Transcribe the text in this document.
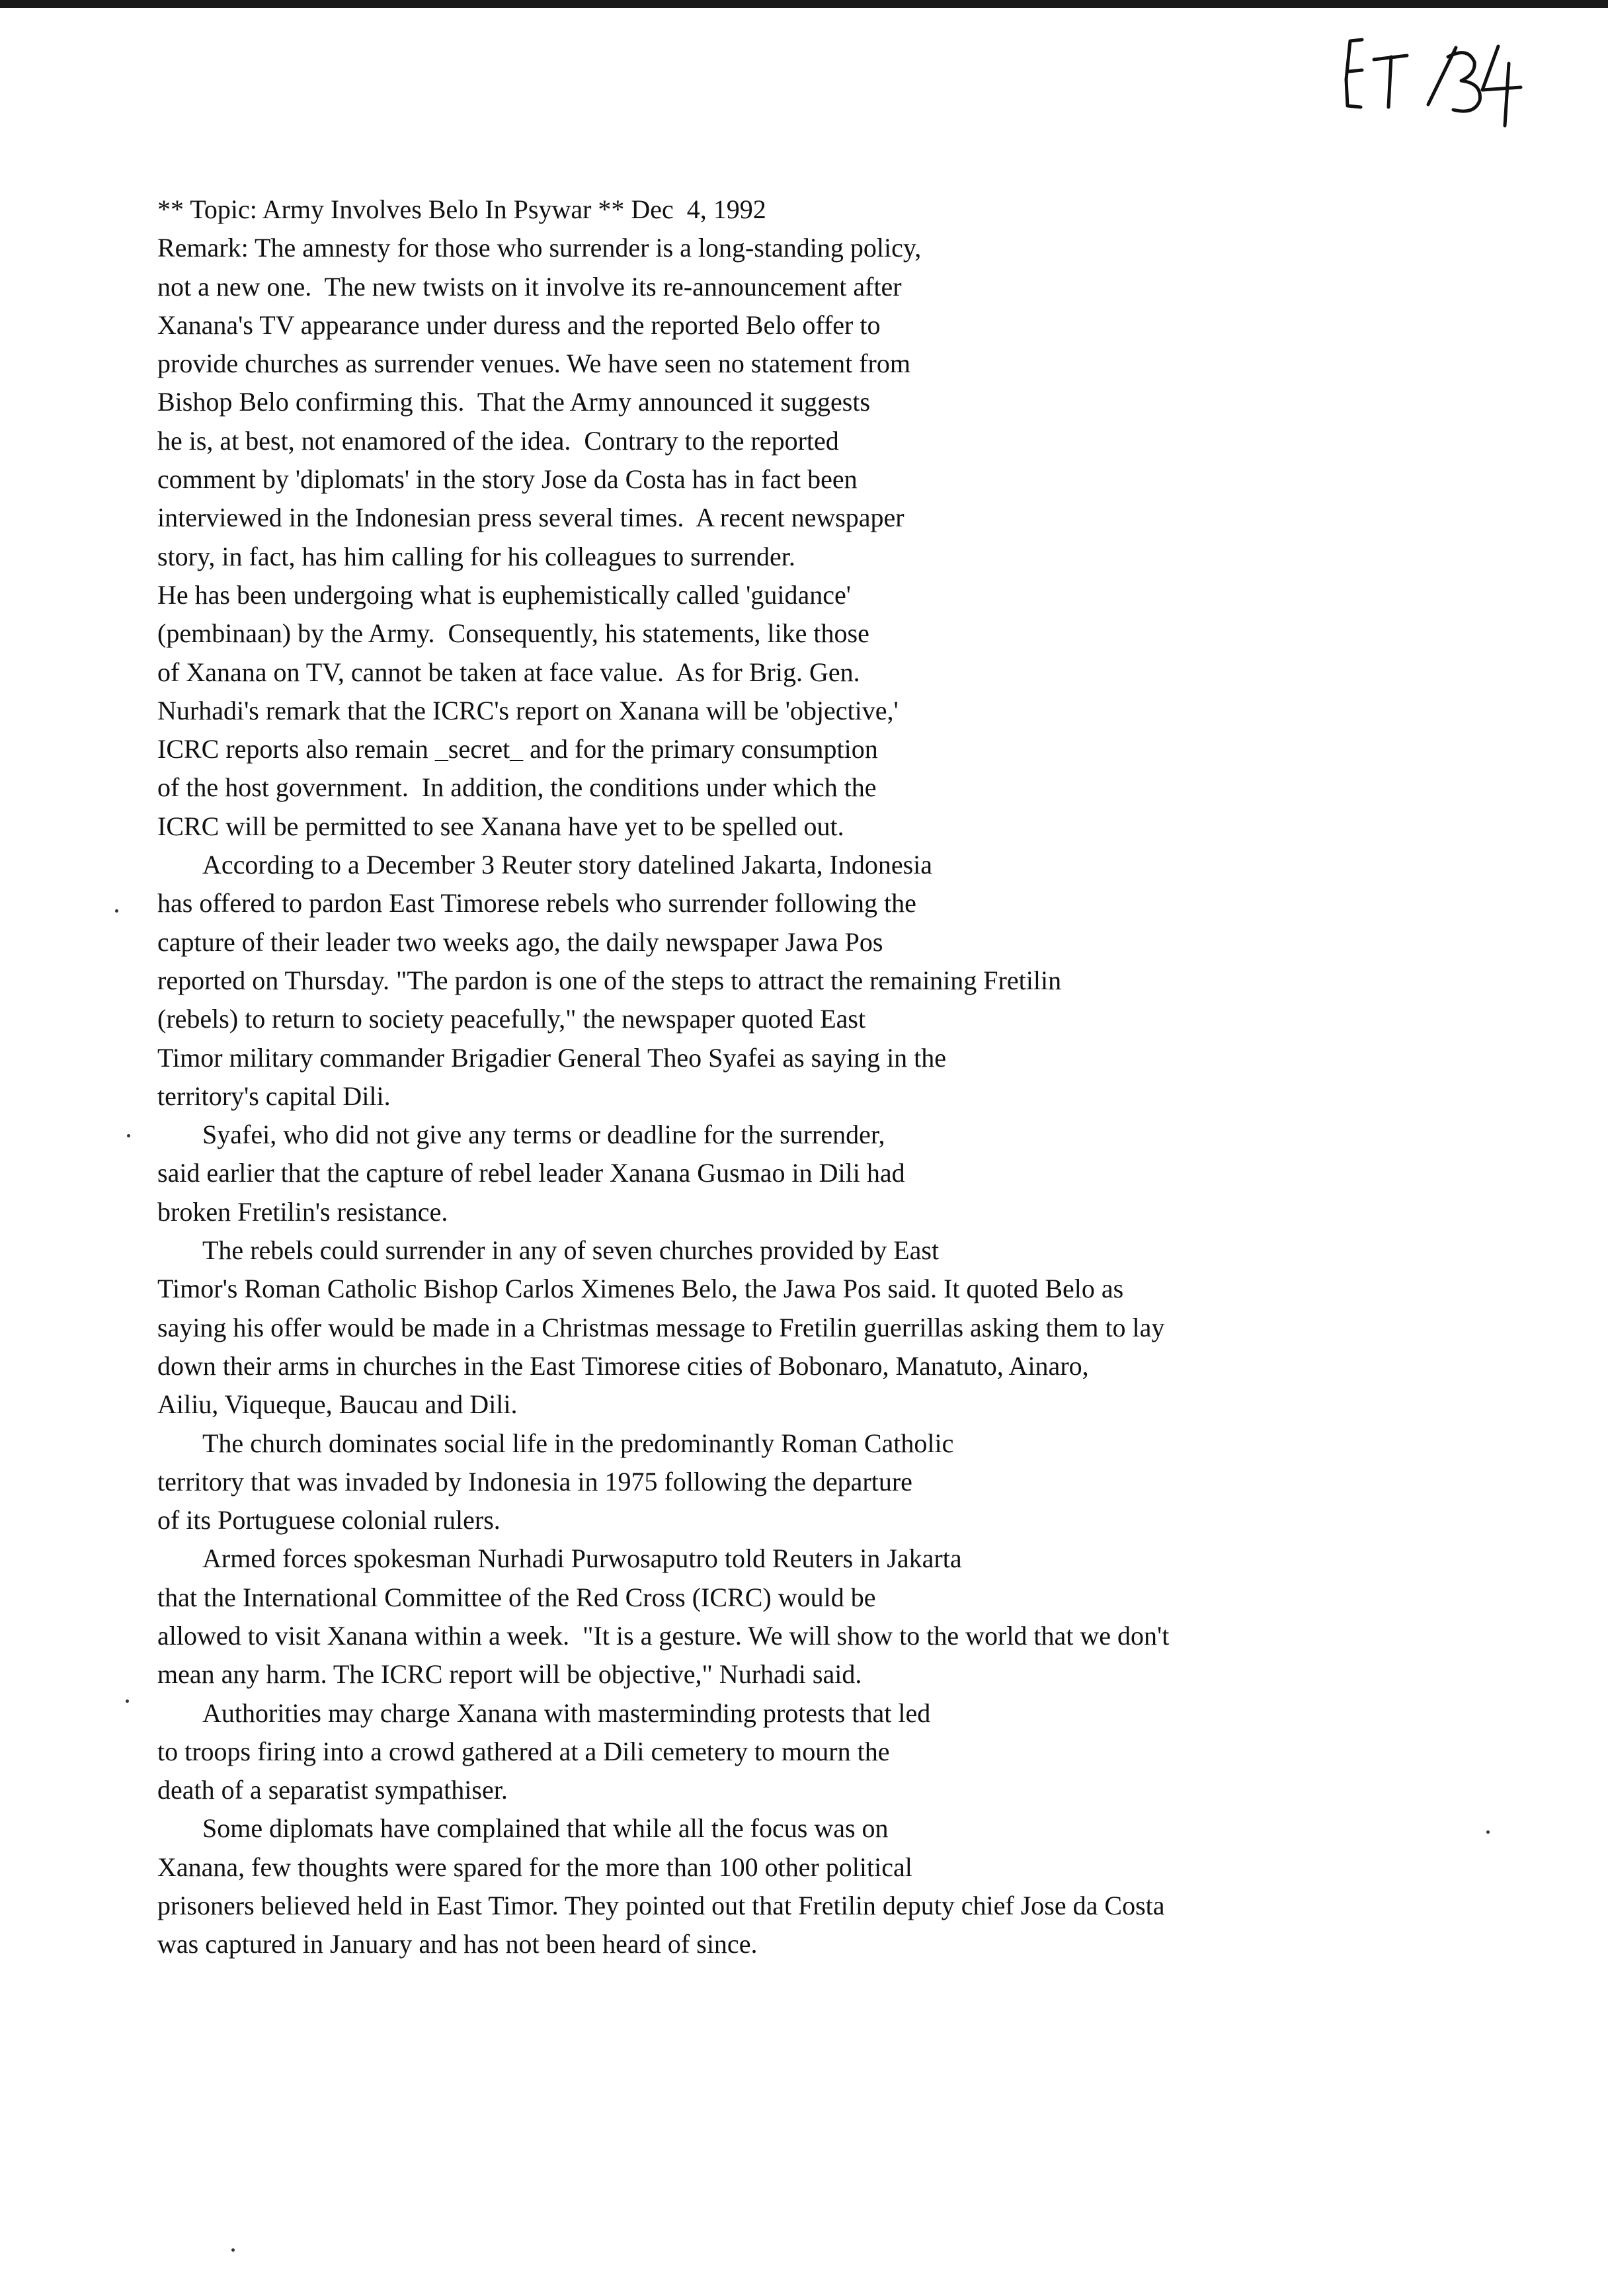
** Topic: Army Involves Belo In Psywar ** Dec  4, 1992
Remark: The amnesty for those who surrender is a long-standing policy,
not a new one.  The new twists on it involve its re-announcement after
Xanana's TV appearance under duress and the reported Belo offer to
provide churches as surrender venues. We have seen no statement from
Bishop Belo confirming this.  That the Army announced it suggests
he is, at best, not enamored of the idea.  Contrary to the reported
comment by 'diplomats' in the story Jose da Costa has in fact been
interviewed in the Indonesian press several times.  A recent newspaper
story, in fact, has him calling for his colleagues to surrender.
He has been undergoing what is euphemistically called 'guidance'
(pembinaan) by the Army.  Consequently, his statements, like those
of Xanana on TV, cannot be taken at face value.  As for Brig. Gen.
Nurhadi's remark that the ICRC's report on Xanana will be 'objective,'
ICRC reports also remain _secret_ and for the primary consumption
of the host government.  In addition, the conditions under which the
ICRC will be permitted to see Xanana have yet to be spelled out.
According to a December 3 Reuter story datelined Jakarta, Indonesia
has offered to pardon East Timorese rebels who surrender following the
capture of their leader two weeks ago, the daily newspaper Jawa Pos
reported on Thursday. "The pardon is one of the steps to attract the remaining Fretilin
(rebels) to return to society peacefully," the newspaper quoted East
Timor military commander Brigadier General Theo Syafei as saying in the
territory's capital Dili.
Syafei, who did not give any terms or deadline for the surrender,
said earlier that the capture of rebel leader Xanana Gusmao in Dili had
broken Fretilin's resistance.
The rebels could surrender in any of seven churches provided by East
Timor's Roman Catholic Bishop Carlos Ximenes Belo, the Jawa Pos said. It quoted Belo as
saying his offer would be made in a Christmas message to Fretilin guerrillas asking them to lay
down their arms in churches in the East Timorese cities of Bobonaro, Manatuto, Ainaro,
Ailiu, Viqueque, Baucau and Dili.
The church dominates social life in the predominantly Roman Catholic
territory that was invaded by Indonesia in 1975 following the departure
of its Portuguese colonial rulers.
Armed forces spokesman Nurhadi Purwosaputro told Reuters in Jakarta
that the International Committee of the Red Cross (ICRC) would be
allowed to visit Xanana within a week.  "It is a gesture. We will show to the world that we don't
mean any harm. The ICRC report will be objective," Nurhadi said.
Authorities may charge Xanana with masterminding protests that led
to troops firing into a crowd gathered at a Dili cemetery to mourn the
death of a separatist sympathiser.
Some diplomats have complained that while all the focus was on
Xanana, few thoughts were spared for the more than 100 other political
prisoners believed held in East Timor. They pointed out that Fretilin deputy chief Jose da Costa
was captured in January and has not been heard of since.
